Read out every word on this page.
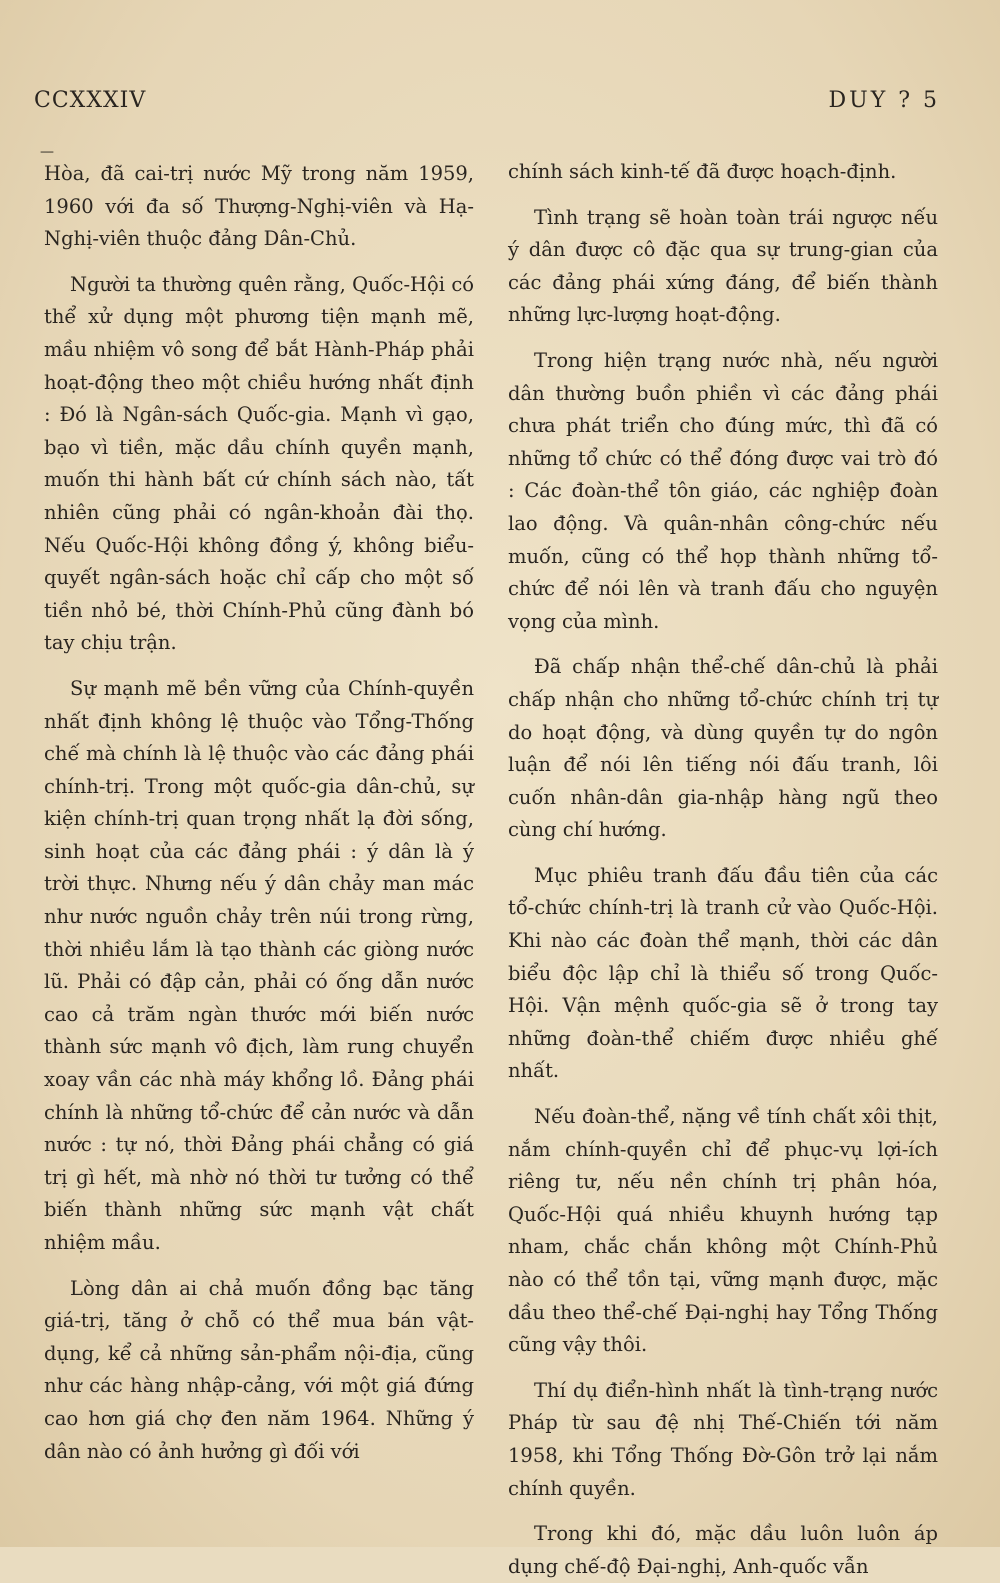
CCXXXIV	DUY ? 5
—

Hòa, đã cai-trị nước Mỹ trong năm 1959, 1960 với đa số Thượng-Nghị-viên và Hạ-Nghị-viên thuộc đảng Dân-Chủ.

Người ta thường quên rằng, Quốc-Hội có thể xử dụng một phương tiện mạnh mẽ, mầu nhiệm vô song để bắt Hành-Pháp phải hoạt-động theo một chiều hướng nhất định : Đó là Ngân-sách Quốc-gia. Mạnh vì gạo, bạo vì tiền, mặc dầu chính quyền mạnh, muốn thi hành bất cứ chính sách nào, tất nhiên cũng phải có ngân-khoản đài thọ. Nếu Quốc-Hội không đồng ý, không biểu-quyết ngân-sách hoặc chỉ cấp cho một số tiền nhỏ bé, thời Chính-Phủ cũng đành bó tay chịu trận.

Sự mạnh mẽ bền vững của Chính-quyền nhất định không lệ thuộc vào Tổng-Thống chế mà chính là lệ thuộc vào các đảng phái chính-trị. Trong một quốc-gia dân-chủ, sự kiện chính-trị quan trọng nhất lạ đời sống, sinh hoạt của các đảng phái : ý dân là ý trời thực. Nhưng nếu ý dân chảy man mác như nước nguồn chảy trên núi trong rừng, thời nhiều lắm là tạo thành các giòng nước lũ. Phải có đập cản, phải có ống dẫn nước cao cả trăm ngàn thước mới biến nước thành sức mạnh vô địch, làm rung chuyển xoay vần các nhà máy khổng lồ. Đảng phái chính là những tổ-chức để cản nước và dẫn nước : tự nó, thời Đảng phái chẳng có giá trị gì hết, mà nhờ nó thời tư tưởng có thể biến thành những sức mạnh vật chất nhiệm mầu.

Lòng dân ai chả muốn đồng bạc tăng giá-trị, tăng ở chỗ có thể mua bán vật-dụng, kể cả những sản-phẩm nội-địa, cũng như các hàng nhập-cảng, với một giá đứng cao hơn giá chợ đen năm 1964. Những ý dân nào có ảnh hưởng gì đối với

chính sách kinh-tế đã được hoạch-định.

Tình trạng sẽ hoàn toàn trái ngược nếu ý dân được cô đặc qua sự trung-gian của các đảng phái xứng đáng, để biến thành những lực-lượng hoạt-động.

Trong hiện trạng nước nhà, nếu người dân thường buồn phiền vì các đảng phái chưa phát triển cho đúng mức, thì đã có những tổ chức có thể đóng được vai trò đó : Các đoàn-thể tôn giáo, các nghiệp đoàn lao động. Và quân-nhân công-chức nếu muốn, cũng có thể họp thành những tổ-chức để nói lên và tranh đấu cho nguyện vọng của mình.

Đã chấp nhận thể-chế dân-chủ là phải chấp nhận cho những tổ-chức chính trị tự do hoạt động, và dùng quyền tự do ngôn luận để nói lên tiếng nói đấu tranh, lôi cuốn nhân-dân gia-nhập hàng ngũ theo cùng chí hướng.

Mục phiêu tranh đấu đầu tiên của các tổ-chức chính-trị là tranh cử vào Quốc-Hội. Khi nào các đoàn thể mạnh, thời các dân biểu độc lập chỉ là thiểu số trong Quốc-Hội. Vận mệnh quốc-gia sẽ ở trong tay những đoàn-thể chiếm được nhiều ghế nhất.

Nếu đoàn-thể, nặng về tính chất xôi thịt, nắm chính-quyền chỉ để phục-vụ lợi-ích riêng tư, nếu nền chính trị phân hóa, Quốc-Hội quá nhiều khuynh hướng tạp nham, chắc chắn không một Chính-Phủ nào có thể tồn tại, vững mạnh được, mặc dầu theo thể-chế Đại-nghị hay Tổng Thống cũng vậy thôi.

Thí dụ điển-hình nhất là tình-trạng nước Pháp từ sau đệ nhị Thế-Chiến tới năm 1958, khi Tổng Thống Đờ-Gôn trở lại nắm chính quyền.

Trong khi đó, mặc dầu luôn luôn áp dụng chế-độ Đại-nghị, Anh-quốc vẫn
